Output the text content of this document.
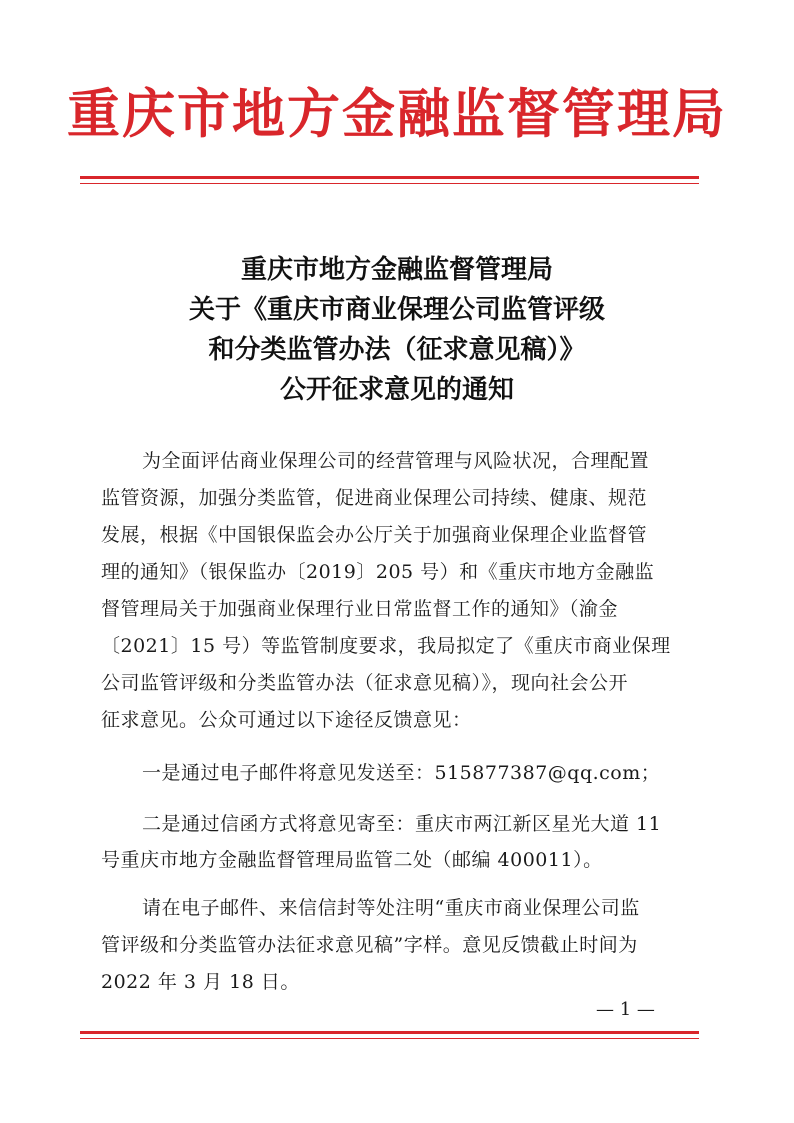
重庆市地方金融监督管理局
重庆市地方金融监督管理局
关于《重庆市商业保理公司监管评级
和分类监管办法（征求意见稿）》
公开征求意见的通知
为全面评估商业保理公司的经营管理与风险状况，合理配置
监管资源，加强分类监管，促进商业保理公司持续、健康、规范
发展，根据《中国银保监会办公厅关于加强商业保理企业监督管
理的通知》（银保监办〔2019〕205 号）和《重庆市地方金融监
督管理局关于加强商业保理行业日常监督工作的通知》（渝金
〔2021〕15 号）等监管制度要求，我局拟定了《重庆市商业保理
公司监管评级和分类监管办法（征求意见稿）》，现向社会公开
征求意见。公众可通过以下途径反馈意见：
一是通过电子邮件将意见发送至：515877387@qq.com；
二是通过信函方式将意见寄至：重庆市两江新区星光大道 11
号重庆市地方金融监督管理局监管二处（邮编 400011）。
请在电子邮件、来信信封等处注明“重庆市商业保理公司监
管评级和分类监管办法征求意见稿”字样。意见反馈截止时间为
2022 年 3 月 18 日。
— 1 —
